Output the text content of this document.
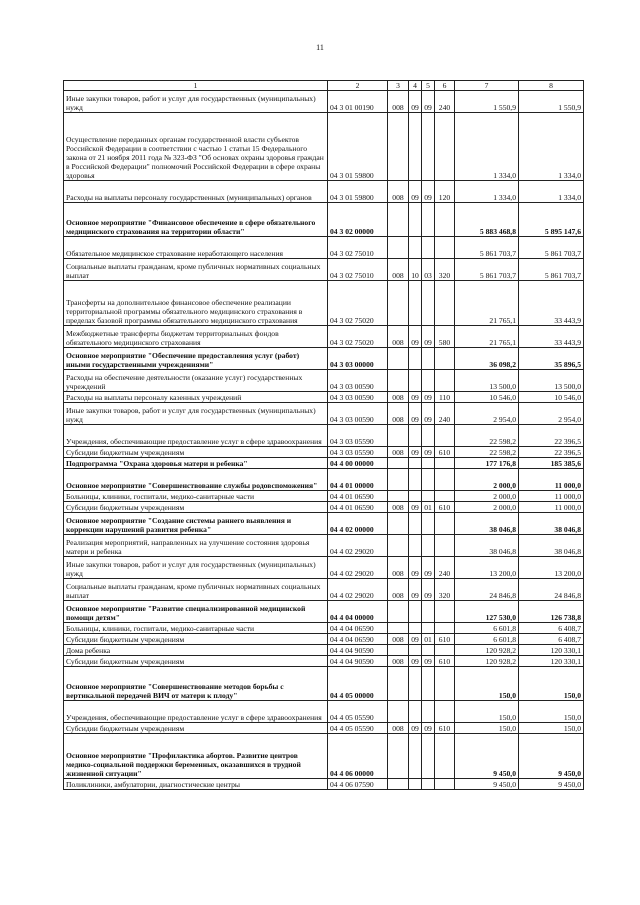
11
1	2	3	4	5	6	7	8
Иные закупки товаров, работ и услуг для государственных (муниципальных) нужд	04 3 01 00190	008	09	09	240	1 550,9	1 550,9
Осуществление переданных органам государственной власти субъектов Российской Федерации в соответствии с частью 1 статьи 15 Федерального закона от 21 ноября 2011 года № 323-ФЗ "Об основах охраны здоровья граждан в Российской Федерации" полномочий Российской Федерации в сфере охраны здоровья	04 3 01 59800					1 334,0	1 334,0
Расходы на выплаты персоналу государственных (муниципальных) органов	04 3 01 59800	008	09	09	120	1 334,0	1 334,0
Основное мероприятие "Финансовое обеспечение в сфере обязательного медицинского страхования на территории области"	04 3 02 00000					5 883 468,8	5 895 147,6
Обязательное медицинское страхование неработающего населения	04 3 02 75010					5 861 703,7	5 861 703,7
Социальные выплаты гражданам, кроме публичных нормативных социальных выплат	04 3 02 75010	008	10	03	320	5 861 703,7	5 861 703,7
Трансферты на дополнительное финансовое обеспечение реализации территориальной программы обязательного медицинского страхования в пределах базовой программы обязательного медицинского страхования	04 3 02 75020					21 765,1	33 443,9
Межбюджетные трансферты бюджетам территориальных фондов обязательного медицинского страхования	04 3 02 75020	008	09	09	580	21 765,1	33 443,9
Основное мероприятие "Обеспечение предоставления услуг (работ) иными государственными учреждениями"	04 3 03 00000					36 098,2	35 896,5
Расходы на обеспечение деятельности (оказание услуг) государственных учреждений	04 3 03 00590					13 500,0	13 500,0
Расходы на выплаты персоналу казенных учреждений	04 3 03 00590	008	09	09	110	10 546,0	10 546,0
Иные закупки товаров, работ и услуг для государственных (муниципальных) нужд	04 3 03 00590	008	09	09	240	2 954,0	2 954,0
Учреждения, обеспечивающие предоставление услуг в сфере здравоохранения	04 3 03 05590					22 598,2	22 396,5
Субсидии бюджетным учреждениям	04 3 03 05590	008	09	09	610	22 598,2	22 396,5
Подпрограмма "Охрана здоровья матери и ребенка"	04 4 00 00000					177 176,8	185 385,6
Основное мероприятие "Совершенствование службы родовспоможения"	04 4 01 00000					2 000,0	11 000,0
Больницы, клиники, госпитали, медико-санитарные части	04 4 01 06590					2 000,0	11 000,0
Субсидии бюджетным учреждениям	04 4 01 06590	008	09	01	610	2 000,0	11 000,0
Основное мероприятие "Создание системы раннего выявления и коррекции нарушений развития ребенка"	04 4 02 00000					38 046,8	38 046,8
Реализация мероприятий, направленных на улучшение состояния здоровья матери и ребенка	04 4 02 29020					38 046,8	38 046,8
Иные закупки товаров, работ и услуг для государственных (муниципальных) нужд	04 4 02 29020	008	09	09	240	13 200,0	13 200,0
Социальные выплаты гражданам, кроме публичных нормативных социальных выплат	04 4 02 29020	008	09	09	320	24 846,8	24 846,8
Основное мероприятие "Развитие специализированной медицинской помощи детям"	04 4 04 00000					127 530,0	126 738,8
Больницы, клиники, госпитали, медико-санитарные части	04 4 04 06590					6 601,8	6 408,7
Субсидии бюджетным учреждениям	04 4 04 06590	008	09	01	610	6 601,8	6 408,7
Дома ребенка	04 4 04 90590					120 928,2	120 330,1
Субсидии бюджетным учреждениям	04 4 04 90590	008	09	09	610	120 928,2	120 330,1
Основное мероприятие "Совершенствование методов борьбы с вертикальной передачей ВИЧ от матери к плоду"	04 4 05 00000					150,0	150,0
Учреждения, обеспечивающие предоставление услуг в сфере здравоохранения	04 4 05 05590					150,0	150,0
Субсидии бюджетным учреждениям	04 4 05 05590	008	09	09	610	150,0	150,0
Основное мероприятие "Профилактика абортов. Развитие центров медико-социальной поддержки беременных, оказавшихся в трудной жизненной ситуации"	04 4 06 00000					9 450,0	9 450,0
Поликлиники, амбулатории, диагностические центры	04 4 06 07590					9 450,0	9 450,0
